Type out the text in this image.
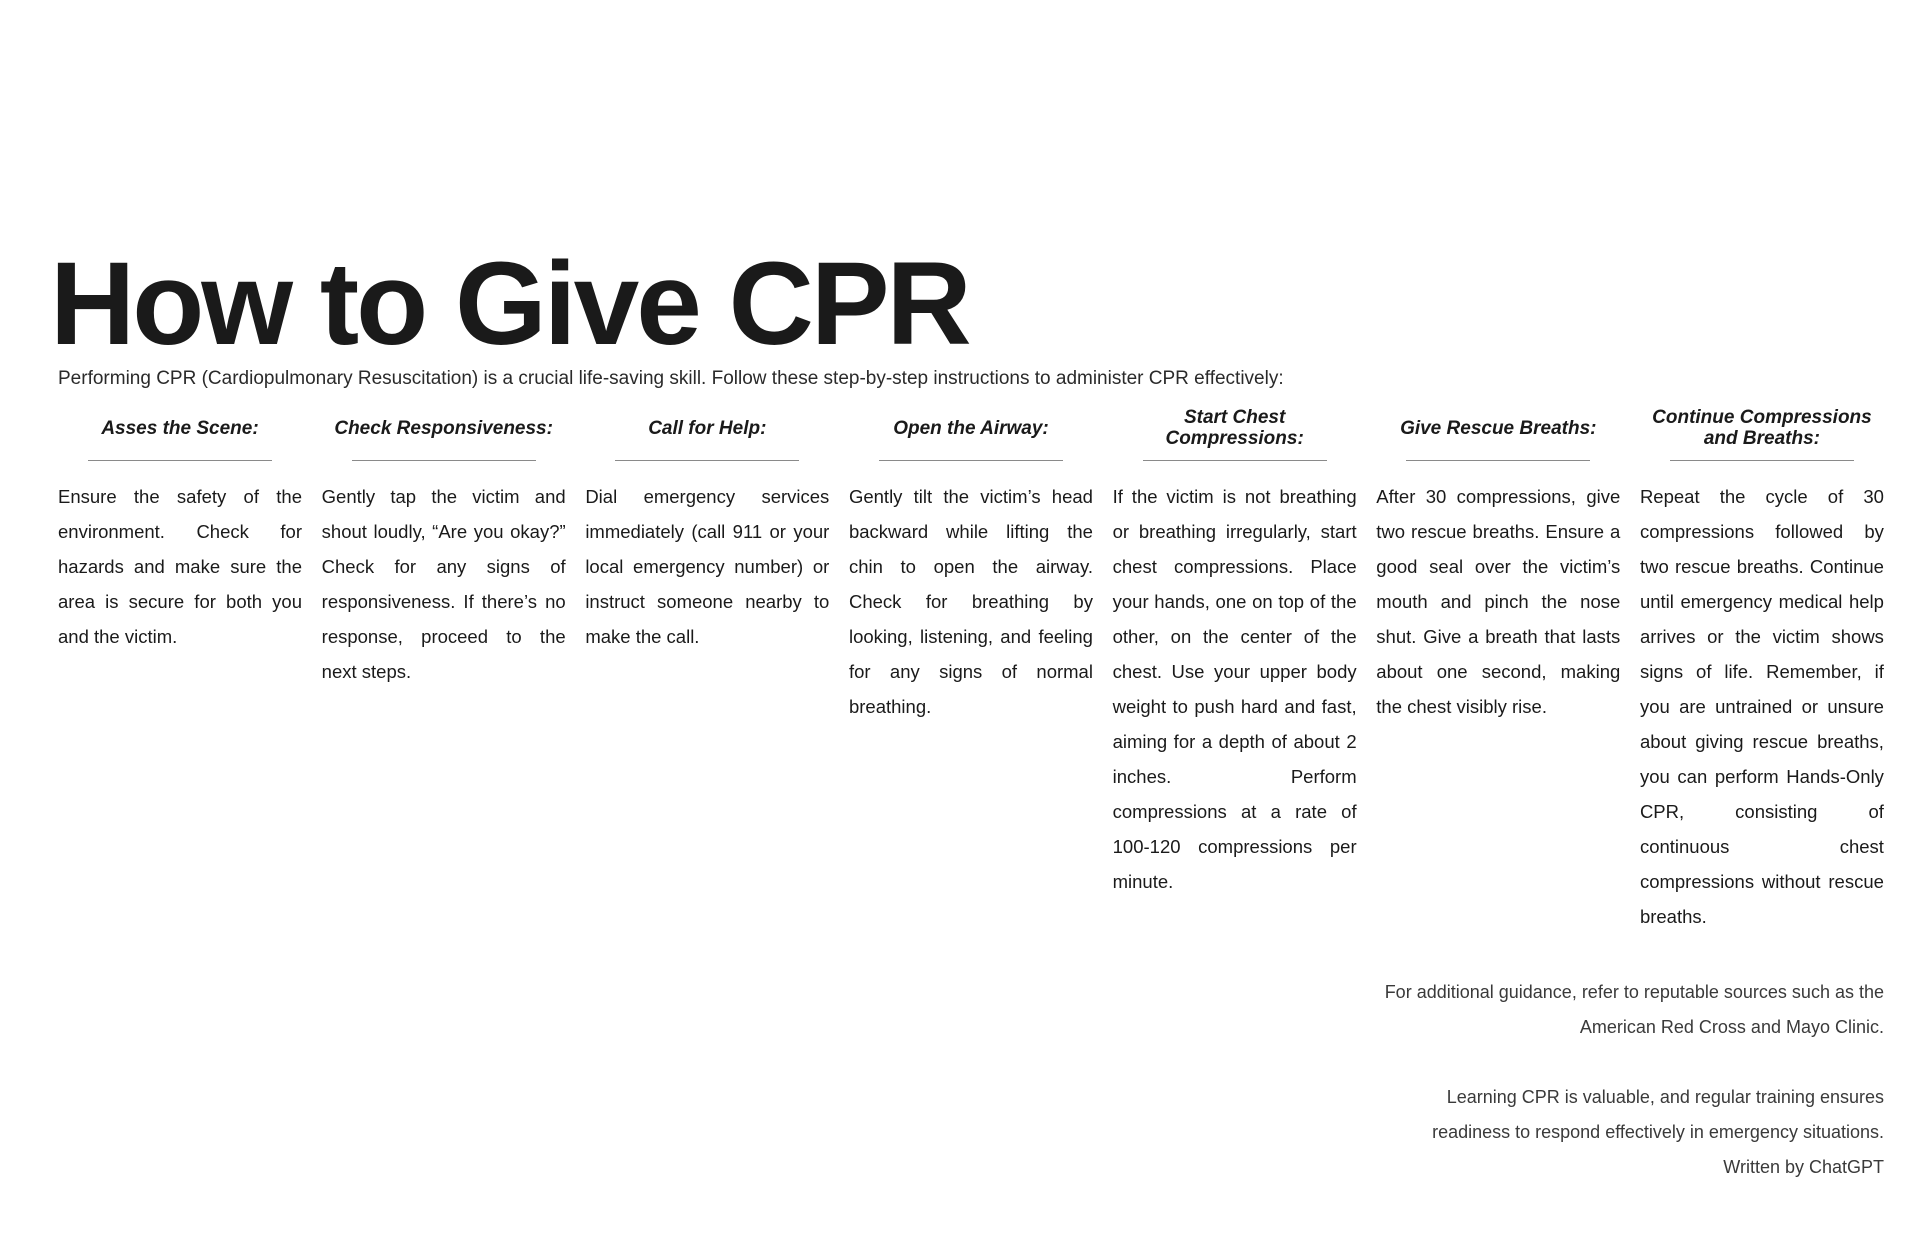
How to Give CPR

Performing CPR (Cardiopulmonary Resuscitation) is a crucial life-saving skill. Follow these step-by-step instructions to administer CPR effectively:

Asses the Scene:

Ensure the safety of the environment. Check for hazards and make sure the area is secure for both you and the victim.

Check Responsiveness:

Gently tap the victim and shout loudly, “Are you okay?” Check for any signs of responsiveness. If there’s no response, proceed to the next steps.

Call for Help:

Dial emergency services immediately (call 911 or your local emergency number) or instruct someone nearby to make the call.

Open the Airway:

Gently tilt the victim’s head backward while lifting the chin to open the airway. Check for breathing by looking, listening, and feeling for any signs of normal breathing.

Start Chest Compressions:

If the victim is not breathing or breathing irregularly, start chest compressions. Place your hands, one on top of the other, on the center of the chest. Use your upper body weight to push hard and fast, aiming for a depth of about 2 inches. Perform compressions at a rate of 100-120 compressions per minute.

Give Rescue Breaths:

After 30 compressions, give two rescue breaths. Ensure a good seal over the victim’s mouth and pinch the nose shut. Give a breath that lasts about one second, making the chest visibly rise.

Continue Compressions and Breaths:

Repeat the cycle of 30 compressions followed by two rescue breaths. Continue until emergency medical help arrives or the victim shows signs of life. Remember, if you are untrained or unsure about giving rescue breaths, you can perform Hands-Only CPR, consisting of continuous chest compressions without rescue breaths.

For additional guidance, refer to reputable sources such as the American Red Cross and Mayo Clinic.

Learning CPR is valuable, and regular training ensures readiness to respond effectively in emergency situations.

Written by ChatGPT
